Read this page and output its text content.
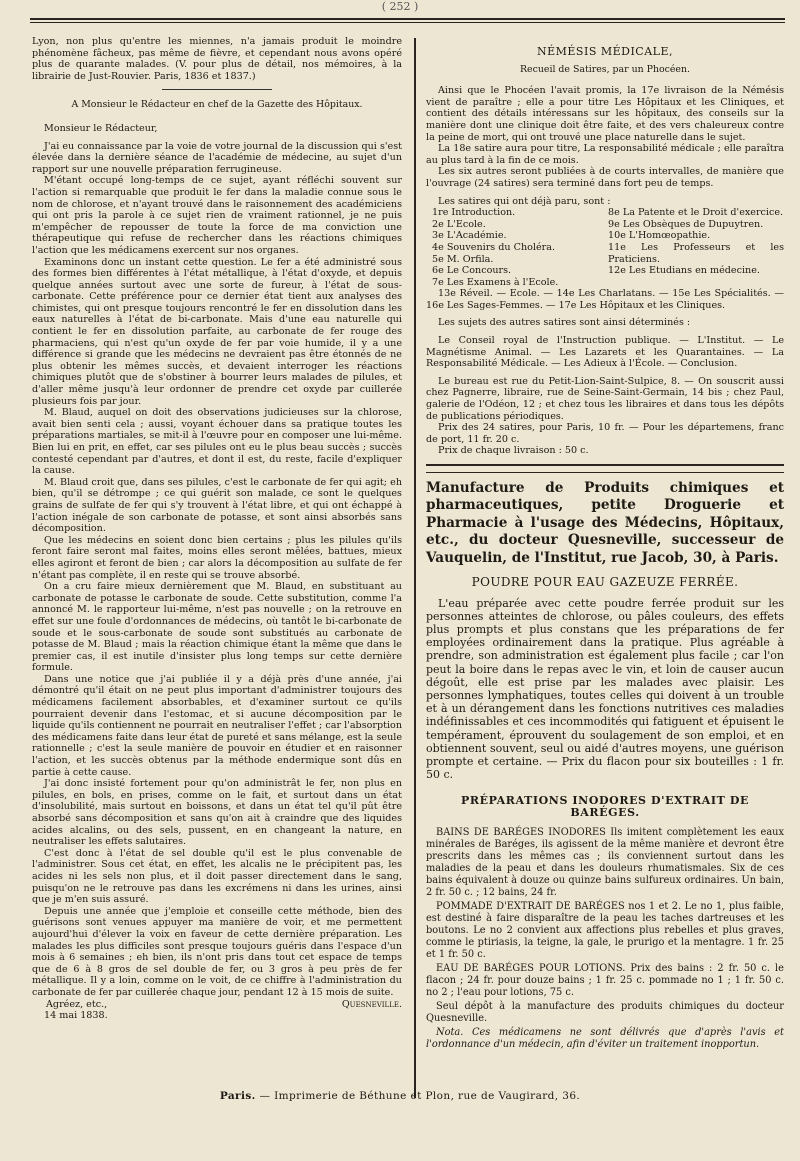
( 252 )

Lyon, non plus qu'entre les miennes, n'a jamais produit le moindre phénomène fâcheux, pas même de fièvre, et cependant nous avons opéré plus de quarante malades. (V. pour plus de détail, nos mémoires, à la librairie de Just-Rouvier. Paris, 1836 et 1837.)

A Monsieur le Rédacteur en chef de la Gazette des Hôpitaux.

Monsieur le Rédacteur,

J'ai eu connaissance par la voie de votre journal de la discussion qui s'est élevée dans la dernière séance de l'académie de médecine, au sujet d'un rapport sur une nouvelle préparation ferrugineuse.

M'étant occupé long-temps de ce sujet, ayant réfléchi souvent sur l'action si remarquable que produit le fer dans la maladie connue sous le nom de chlorose, et n'ayant trouvé dans le raisonnement des académiciens qui ont pris la parole à ce sujet rien de vraiment rationnel, je ne puis m'empêcher de repousser de toute la force de ma conviction une thérapeutique qui refuse de rechercher dans les réactions chimiques l'action que les médicamens exercent sur nos organes.

Examinons donc un instant cette question. Le fer a été administré sous des formes bien différentes à l'état métallique, à l'état d'oxyde, et depuis quelque années surtout avec une sorte de fureur, à l'état de sous-carbonate. Cette préférence pour ce dernier état tient aux analyses des chimistes, qui ont presque toujours rencontré le fer en dissolution dans les eaux naturelles à l'état de bi-carbonate. Mais d'une eau naturelle qui contient le fer en dissolution parfaite, au carbonate de fer rouge des pharmaciens, qui n'est qu'un oxyde de fer par voie humide, il y a une différence si grande que les médecins ne devraient pas être étonnés de ne plus obtenir les mêmes succès, et devaient interroger les réactions chimiques plutôt que de s'obstiner à bourrer leurs malades de pilules, et d'aller même jusqu'à leur ordonner de prendre cet oxyde par cuillerée plusieurs fois par jour.

M. Blaud, auquel on doit des observations judicieuses sur la chlorose, avait bien senti cela ; aussi, voyant échouer dans sa pratique toutes les préparations martiales, se mit-il à l'œuvre pour en composer une lui-même. Bien lui en prit, en effet, car ses pilules ont eu le plus beau succès ; succès contesté cependant par d'autres, et dont il est, du reste, facile d'expliquer la cause.

M. Blaud croit que, dans ses pilules, c'est le carbonate de fer qui agit; eh bien, qu'il se détrompe ; ce qui guérit son malade, ce sont le quelques grains de sulfate de fer qui s'y trouvent à l'état libre, et qui ont échappé à l'action inégale de son carbonate de potasse, et sont ainsi absorbés sans décomposition.

Que les médecins en soient donc bien certains ; plus les pilules qu'ils feront faire seront mal faites, moins elles seront mêlées, battues, mieux elles agiront et feront de bien ; car alors la décomposition au sulfate de fer n'étant pas complète, il en reste qui se trouve absorbé.

On a cru faire mieux dernièrement que M. Blaud, en substituant au carbonate de potasse le carbonate de soude. Cette substitution, comme l'a annoncé M. le rapporteur lui-même, n'est pas nouvelle ; on la retrouve en effet sur une foule d'ordonnances de médecins, où tantôt le bi-carbonate de soude et le sous-carbonate de soude sont substitués au carbonate de potasse de M. Blaud ; mais la réaction chimique étant la même que dans le premier cas, il est inutile d'insister plus long temps sur cette dernière formule.

Dans une notice que j'ai publiée il y a déjà près d'une année, j'ai démontré qu'il était on ne peut plus important d'administrer toujours des médicamens facilement absorbables, et d'examiner surtout ce qu'ils pourraient devenir dans l'estomac, et si aucune décomposition par le liquide qu'ils contiennent ne pourrait en neutraliser l'effet ; car l'absorption des médicamens faite dans leur état de pureté et sans mélange, est la seule rationnelle ; c'est la seule manière de pouvoir en étudier et en raisonner l'action, et les succès obtenus par la méthode endermique sont dûs en partie à cette cause.

J'ai donc insisté fortement pour qu'on administrât le fer, non plus en pilules, en bols, en prises, comme on le fait, et surtout dans un état d'insolubilité, mais surtout en boissons, et dans un état tel qu'il pût être absorbé sans décomposition et sans qu'on ait à craindre que des liquides acides alcalins, ou des sels, pussent, en en changeant la nature, en neutraliser les effets salutaires.

C'est donc à l'état de sel double qu'il est le plus convenable de l'administrer. Sous cet état, en effet, les alcalis ne le précipitent pas, les acides ni les sels non plus, et il doit passer directement dans le sang, puisqu'on ne le retrouve pas dans les excrémens ni dans les urines, ainsi que je m'en suis assuré.

Depuis une année que j'emploie et conseille cette méthode, bien des guérisons sont venues appuyer ma manière de voir, et me permettent aujourd'hui d'élever la voix en faveur de cette dernière préparation. Les malades les plus difficiles sont presque toujours guéris dans l'espace d'un mois à 6 semaines ; eh bien, ils n'ont pris dans tout cet espace de temps que de 6 à 8 gros de sel double de fer, ou 3 gros à peu près de fer métallique. Il y a loin, comme on le voit, de ce chiffre à l'administration du carbonate de fer par cuillerée chaque jour, pendant 12 à 15 mois de suite.

Agréez, etc.,	Quesneville.

14 mai 1838.

NÉMÉSIS MÉDICALE,

Recueil de Satires, par un Phocéen.

Ainsi que le Phocéen l'avait promis, la 17e livraison de la Némésis vient de paraître ; elle a pour titre Les Hôpitaux et les Cliniques, et contient des détails intéressans sur les hôpitaux, des conseils sur la manière dont une clinique doit être faite, et des vers chaleureux contre la peine de mort, qui ont trouvé une place naturelle dans le sujet.

La 18e satire aura pour titre, La responsabilité médicale ; elle paraîtra au plus tard à la fin de ce mois.

Les six autres seront publiées à de courts intervalles, de manière que l'ouvrage (24 satires) sera terminé dans fort peu de temps.

Les satires qui ont déjà paru, sont :

1re Introduction.
2e L'Ecole.
3e L'Académie.
4e Souvenirs du Choléra.
5e M. Orfila.
6e Le Concours.
7e Les Examens à l'Ecole.
8e La Patente et le Droit d'exercice.
9e Les Obsèques de Dupuytren.
10e L'Homœopathie.
11e Les Professeurs et les Praticiens.
12e Les Etudians en médecine.

13e Réveil. — Ecole. — 14e Les Charlatans. — 15e Les Spécialités. — 16e Les Sages-Femmes. — 17e Les Hôpitaux et les Cliniques.

Les sujets des autres satires sont ainsi déterminés :

Le Conseil royal de l'Instruction publique. — L'Institut. — Le Magnétisme Animal. — Les Lazarets et les Quarantaines. — La Responsabilité Médicale. — Les Adieux à l'École. — Conclusion.

Le bureau est rue du Petit-Lion-Saint-Sulpice, 8. — On souscrit aussi chez Pagnerre, libraire, rue de Seine-Saint-Germain, 14 bis ; chez Paul, galerie de l'Odéon, 12 ; et chez tous les libraires et dans tous les dépôts de publications périodiques.

Prix des 24 satires, pour Paris, 10 fr. — Pour les départemens, franc de port, 11 fr. 20 c.

Prix de chaque livraison : 50 c.

Manufacture de Produits chimiques et pharmaceutiques, petite Droguerie et Pharmacie à l'usage des Médecins, Hôpitaux, etc., du docteur Quesneville, successeur de Vauquelin, de l'Institut, rue Jacob, 30, à Paris.

POUDRE POUR EAU GAZEUZE FERRÉE.

L'eau préparée avec cette poudre ferrée produit sur les personnes atteintes de chlorose, ou pâles couleurs, des effets plus prompts et plus constans que les préparations de fer employées ordinairement dans la pratique. Plus agréable à prendre, son administration est également plus facile ; car l'on peut la boire dans le repas avec le vin, et loin de causer aucun dégoût, elle est prise par les malades avec plaisir. Les personnes lymphatiques, toutes celles qui doivent à un trouble et à un dérangement dans les fonctions nutritives ces maladies indéfinissables et ces incommodités qui fatiguent et épuisent le tempérament, éprouvent du soulagement de son emploi, et en obtiennent souvent, seul ou aidé d'autres moyens, une guérison prompte et certaine. — Prix du flacon pour six bouteilles : 1 fr. 50 c.

PRÉPARATIONS INODORES D'EXTRAIT DE BARÉGES.

BAINS DE BARÉGES INODORES Ils imitent complètement les eaux minérales de Baréges, ils agissent de la même manière et devront être prescrits dans les mêmes cas ; ils conviennent surtout dans les maladies de la peau et dans les douleurs rhumatismales. Six de ces bains équivalent à douze ou quinze bains sulfureux ordinaires. Un bain, 2 fr. 50 c. ; 12 bains, 24 fr.

POMMADE D'EXTRAIT DE BARÉGES nos 1 et 2. Le no 1, plus faible, est destiné à faire disparaître de la peau les taches dartreuses et les boutons. Le no 2 convient aux affections plus rebelles et plus graves, comme le ptiriasis, la teigne, la gale, le prurigo et la mentagre. 1 fr. 25 et 1 fr. 50 c.

EAU DE BARÉGES POUR LOTIONS. Prix des bains : 2 fr. 50 c. le flacon ; 24 fr. pour douze bains ; 1 fr. 25 c. pommade no 1 ; 1 fr. 50 c. no 2 ; l'eau pour lotions, 75 c.

Seul dépôt à la manufacture des produits chimiques du docteur Quesneville.

Nota. Ces médicamens ne sont délivrés que d'après l'avis et l'ordonnance d'un médecin, afin d'éviter un traitement inopportun.

Paris. — Imprimerie de Béthune et Plon, rue de Vaugirard, 36.
